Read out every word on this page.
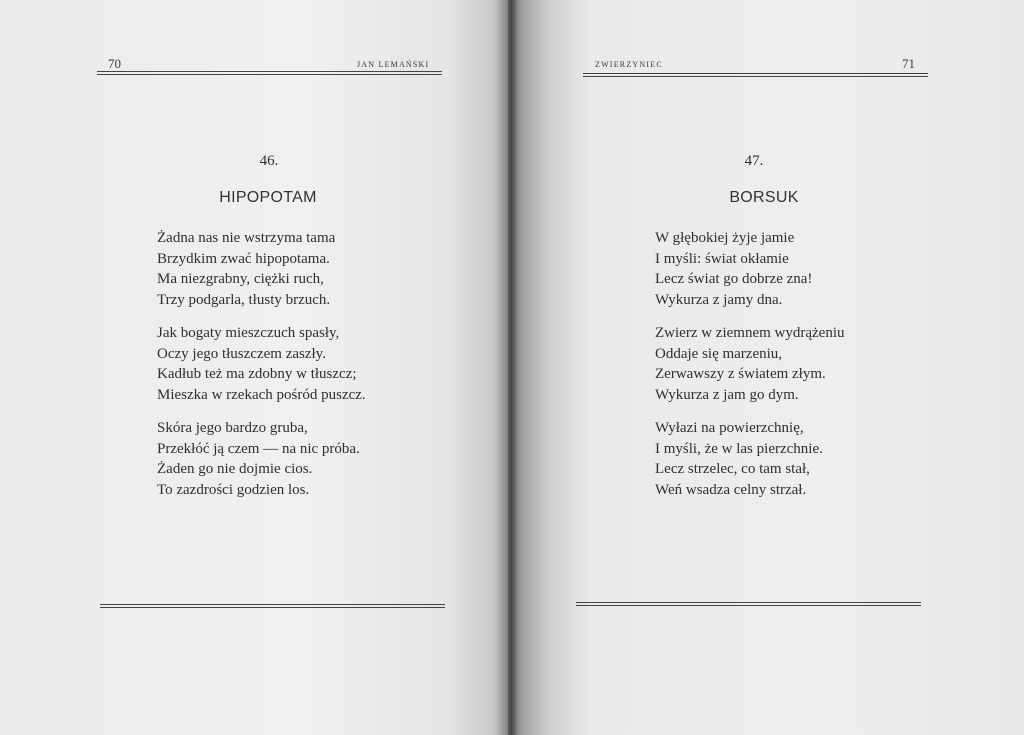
70	JAN LEMAŃSKI
46.
HIPOPOTAM
Żadna nas nie wstrzyma tama
Brzydkim zwać hipopotama.
Ma niezgrabny, ciężki ruch,
Trzy podgarla, tłusty brzuch.
Jak bogaty mieszczuch spasły,
Oczy jego tłuszczem zaszły.
Kadłub też ma zdobny w tłuszcz;
Mieszka w rzekach pośród puszcz.
Skóra jego bardzo gruba,
Przekłóć ją czem — na nic próba.
Żaden go nie dojmie cios.
To zazdrości godzien los.
ZWIERZYNIEC	71
47.
BORSUK
W głębokiej żyje jamie
I myśli: świat okłamie
Lecz świat go dobrze zna!
Wykurza z jamy dna.
Zwierz w ziemnem wydrążeniu
Oddaje się marzeniu,
Zerwawszy z światem złym.
Wykurza z jam go dym.
Wyłazi na powierzchnię,
I myśli, że w las pierzchnie.
Lecz strzelec, co tam stał,
Weń wsadza celny strzał.
